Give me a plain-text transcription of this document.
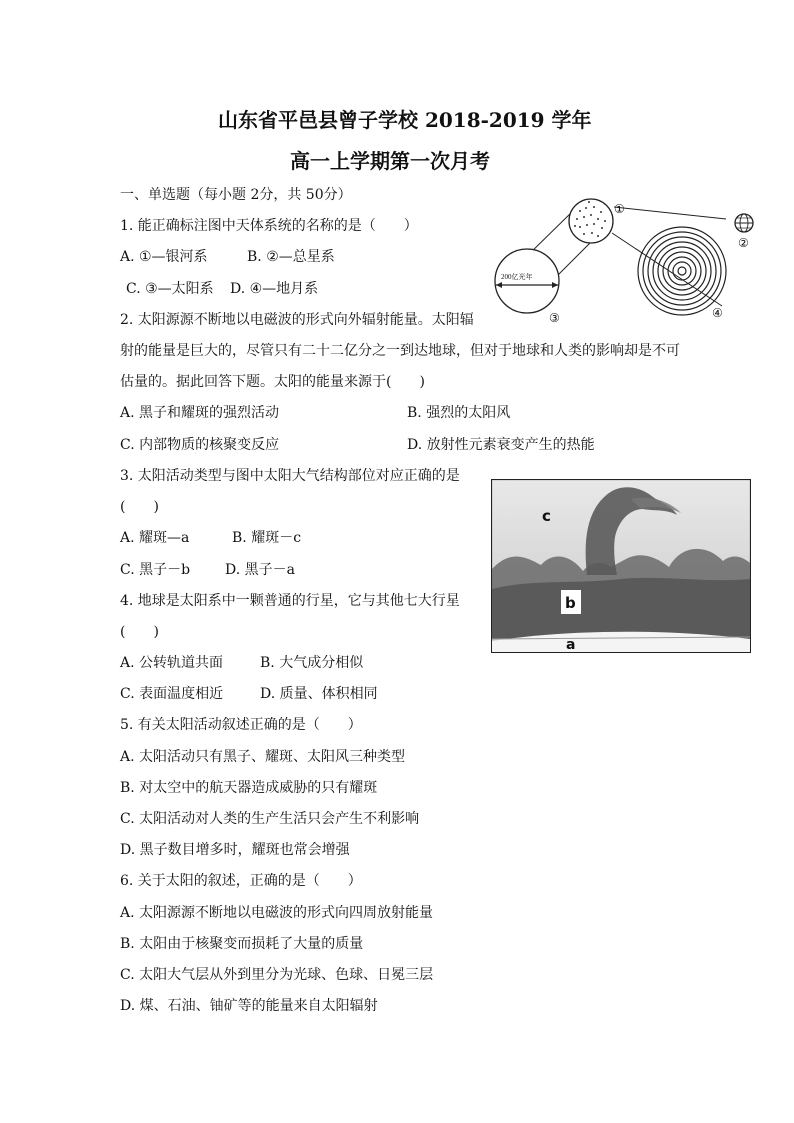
山东省平邑县曾子学校 2018-2019 学年
高一上学期第一次月考
一、单选题（每小题 2分，共 50分）
1. 能正确标注图中天体系统的名称的是（　　）
A. ①—银河系	B. ②—总星系
C. ③—太阳系 D. ④—地月系
200亿光年
①
④
②
③
2. 太阳源源不断地以电磁波的形式向外辐射能量。太阳辐
射的能量是巨大的，尽管只有二十二亿分之一到达地球，但对于地球和人类的影响却是不可
估量的。据此回答下题。太阳的能量来源于(　　)
A. 黑子和耀斑的强烈活动	B. 强烈的太阳风
C. 内部物质的核聚变反应	D. 放射性元素衰变产生的热能
3. 太阳活动类型与图中太阳大气结构部位对应正确的是
(　　)
A. 耀斑—a	B. 耀斑－c
C. 黑子－b D. 黑子－a
c
b
a
4. 地球是太阳系中一颗普通的行星，它与其他七大行星
(　　)
A. 公转轨道共面	B. 大气成分相似
C. 表面温度相近	D. 质量、体积相同
5. 有关太阳活动叙述正确的是（　　）
A. 太阳活动只有黑子、耀斑、太阳风三种类型
B. 对太空中的航天器造成威胁的只有耀斑
C. 太阳活动对人类的生产生活只会产生不利影响
D. 黑子数目增多时，耀斑也常会增强
6. 关于太阳的叙述，正确的是（　　）
A. 太阳源源不断地以电磁波的形式向四周放射能量
B. 太阳由于核聚变而损耗了大量的质量
C. 太阳大气层从外到里分为光球、色球、日冕三层
D. 煤、石油、铀矿等的能量来自太阳辐射
